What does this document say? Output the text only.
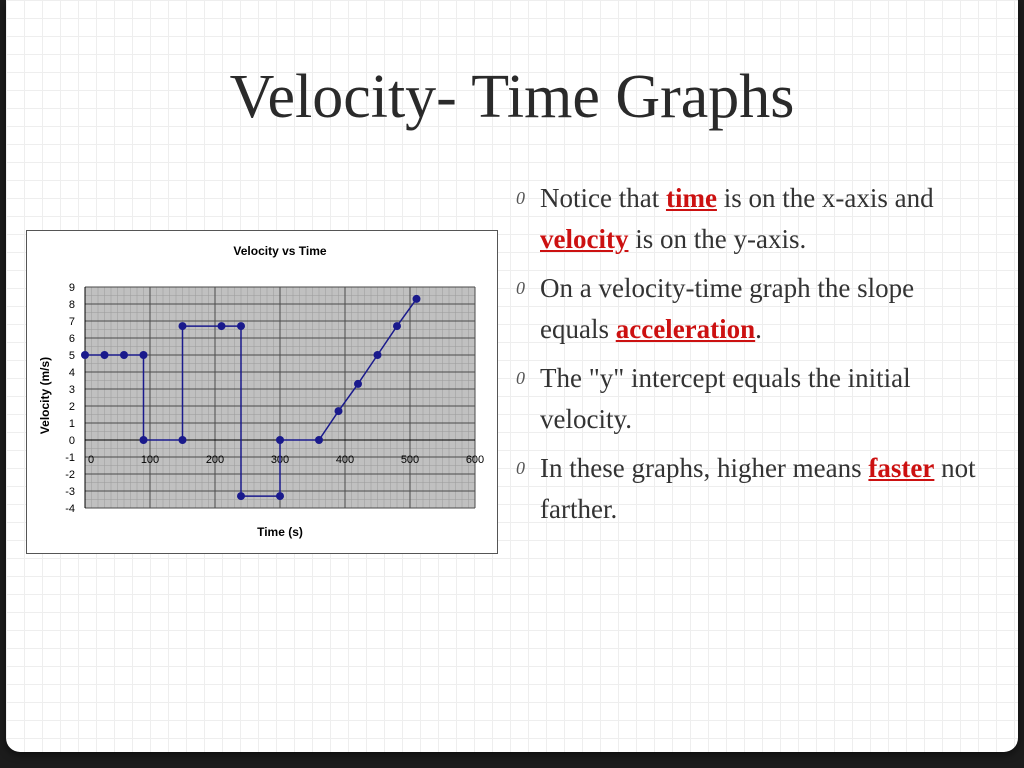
Velocity- Time Graphs
9
8
7
6
5
4
3
2
1
0
-1
-2
-3
-4
0	100	200	300	400	500	600
Velocity vs Time
Time (s)
Velocity (m/s)
0 Notice that time is on the x-axis and velocity is on the y-axis.
0 On a velocity-time graph the slope equals acceleration.
0 The "y" intercept equals the initial velocity.
0 In these graphs, higher means faster not farther.
